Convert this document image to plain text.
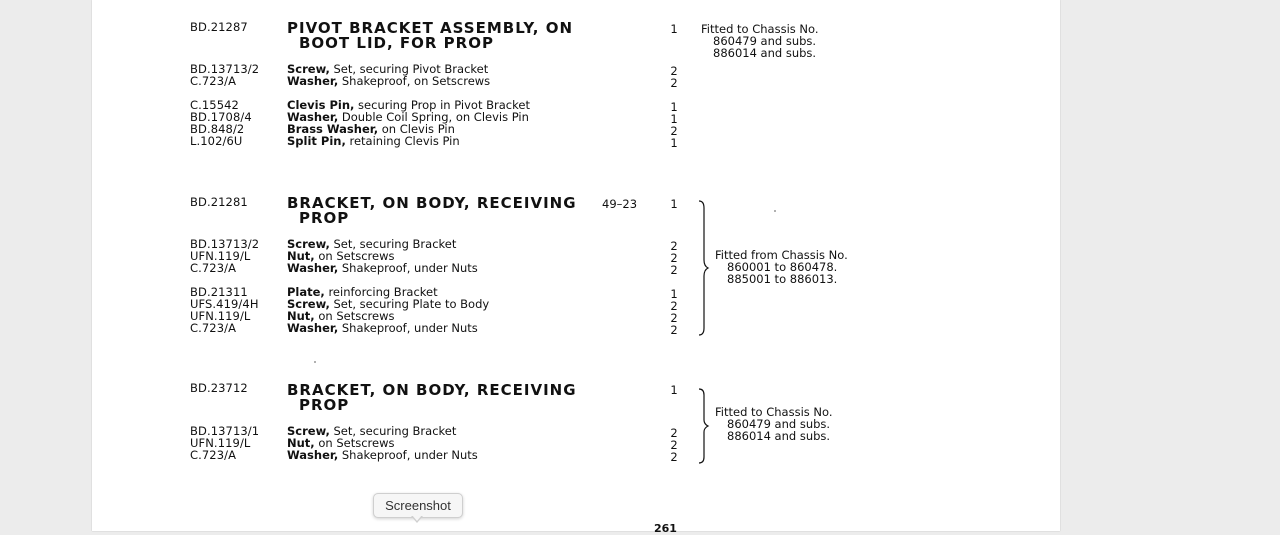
BD.21287	1
PIVOT BRACKET ASSEMBLY, ON
BOOT LID, FOR PROP
Fitted to Chassis No.
860479 and subs.
886014 and subs.
BD.13713/2 Screw, Set, securing Pivot Bracket	2
C.723/A	Washer, Shakeproof, on Setscrews	2
C.15542	Clevis Pin, securing Prop in Pivot Bracket	1
BD.1708/4	Washer, Double Coil Spring, on Clevis Pin	1
BD.848/2	Brass Washer, on Clevis Pin	2
L.102/6U	Split Pin, retaining Clevis Pin	1
BD.21281	49–23	1
BRACKET, ON BODY, RECEIVING
PROP
BD.13713/2 Screw, Set, securing Bracket	2
UFN.119/L	Nut, on Setscrews	2
C.723/A	Washer, Shakeproof, under Nuts	2
BD.21311	Plate, reinforcing Bracket	1
UFS.419/4H Screw, Set, securing Plate to Body	2
UFN.119/L	Nut, on Setscrews	2
C.723/A	Washer, Shakeproof, under Nuts	2
Fitted from Chassis No.
860001 to 860478.
885001 to 886013.
BD.23712	1
BRACKET, ON BODY, RECEIVING
PROP
BD.13713/1 Screw, Set, securing Bracket	2
UFN.119/L	Nut, on Setscrews	2
C.723/A	Washer, Shakeproof, under Nuts	2
Fitted to Chassis No.
860479 and subs.
886014 and subs.
261
Screenshot
